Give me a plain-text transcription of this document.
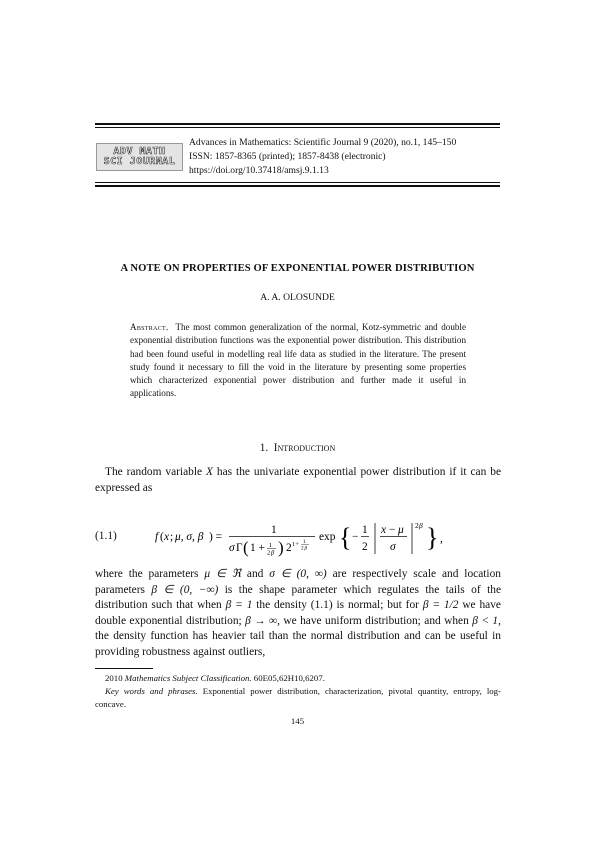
ADV MATH
SCI JOURNAL
Advances in Mathematics: Scientific Journal 9 (2020), no.1, 145–150
ISSN: 1857-8365 (printed); 1857-8438 (electronic)
https://doi.org/10.37418/amsj.9.1.13
A NOTE ON PROPERTIES OF EXPONENTIAL POWER DISTRIBUTION
A. A. OLOSUNDE
Abstract. The most common generalization of the normal, Kotz-symmetric and double exponential distribution functions was the exponential power distribution. This distribution had been found useful in modelling real life data as studied in the literature. The present study found it necessary to fill the void in the literature by presenting some properties which characterized exponential power distribution and further made it useful in applications.
1. Introduction
The random variable X has the univariate exponential power distribution if it can be expressed as
(1.1)	f ( x ; μ, σ, β ) =
1
σ Γ ( 1 + 1
2 β ) 2 1+ 1
2 β
exp { −
1
2
x − μ
σ
2 β } ,
where the parameters μ ∈ ℜ and σ ∈ (0, ∞) are respectively scale and location parameters β ∈ (0, −∞) is the shape parameter which regulates the tails of the distribution such that when β = 1 the density (1.1) is normal; but for β = 1/2 we have double exponential distribution; β → ∞, we have uniform distribution; and when β < 1, the density function has heavier tail than the normal distribution and can be useful in providing robustness against outliers,
2010 Mathematics Subject Classification. 60E05,62H10,6207.
Key words and phrases. Exponential power distribution, characterization, pivotal quantity, entropy, log-concave.
145
